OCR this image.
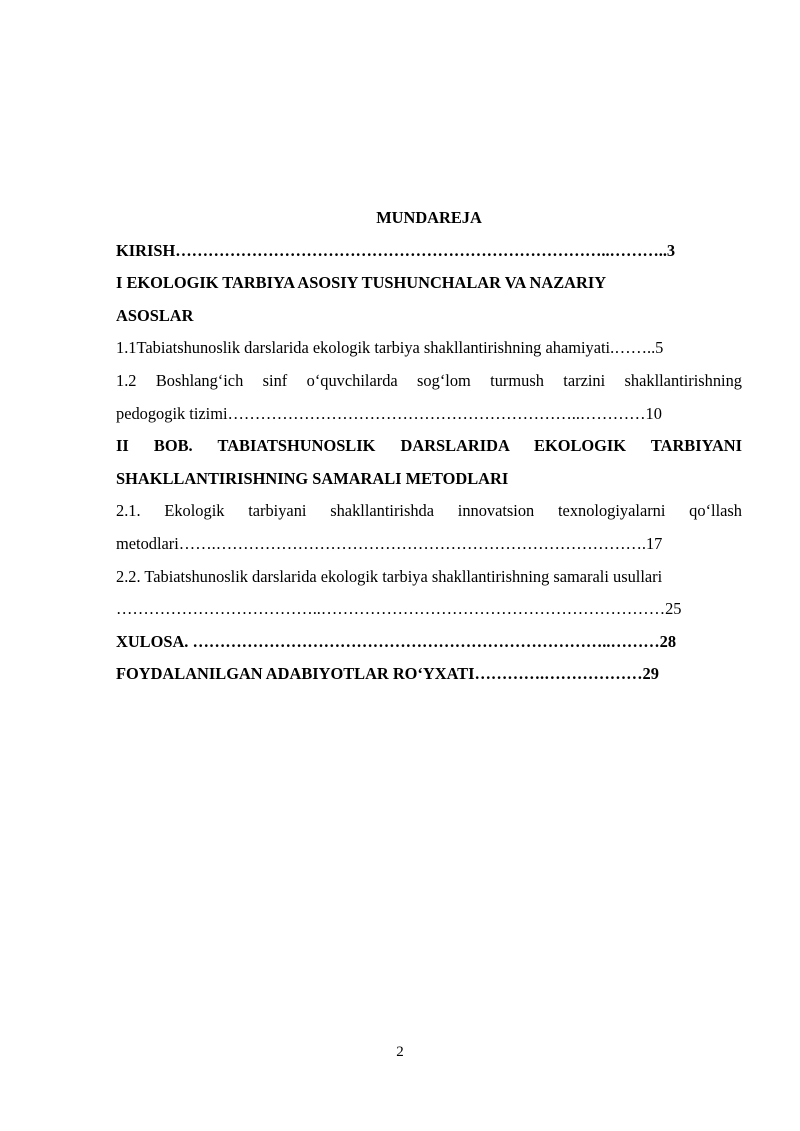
MUNDAREJA

KIRISH……………………………………………………………………..………..3

I EKOLOGIK TARBIYA ASOSIY TUSHUNCHALAR VA NAZARIY

ASOSLAR

1.1Tabiatshunoslik darslarida ekologik tarbiya shakllantirishning ahamiyati.……..5

1.2 Boshlang‘ich sinf o‘quvchilarda sog‘lom turmush tarzini shakllantirishning

pedogogik tizimi………………………………………………………..…………10

II BOB. TABIATSHUNOSLIK DARSLARIDA EKOLOGIK TARBIYANI

SHAKLLANTIRISHNING SAMARALI METODLARI

2.1. Ekologik tarbiyani shakllantirishda innovatsion texnologiyalarni qo‘llash

metodlari…….…………………………………………………………………….17

2.2. Tabiatshunoslik darslarida ekologik tarbiya shakllantirishning samarali usullari

………………………………..………………………………………………………25

XULOSA. …………………………………………………………………..………28

FOYDALANILGAN ADABIYOTLAR RO‘YXATI………….………………29

2
